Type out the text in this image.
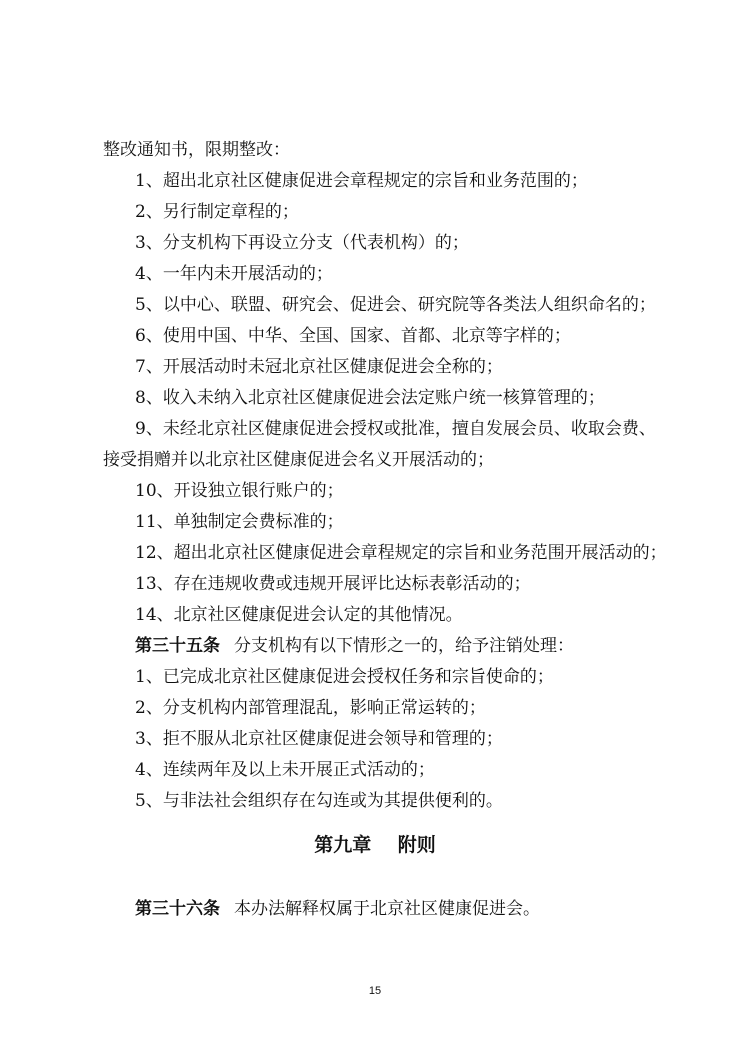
整改通知书，限期整改：
1、超出北京社区健康促进会章程规定的宗旨和业务范围的；
2、另行制定章程的；
3、分支机构下再设立分支（代表机构）的；
4、一年内未开展活动的；
5、以中心、联盟、研究会、促进会、研究院等各类法人组织命名的；
6、使用中国、中华、全国、国家、首都、北京等字样的；
7、开展活动时未冠北京社区健康促进会全称的；
8、收入未纳入北京社区健康促进会法定账户统一核算管理的；
9、未经北京社区健康促进会授权或批准，擅自发展会员、收取会费、
接受捐赠并以北京社区健康促进会名义开展活动的；
10、开设独立银行账户的；
11、单独制定会费标准的；
12、超出北京社区健康促进会章程规定的宗旨和业务范围开展活动的；
13、存在违规收费或违规开展评比达标表彰活动的；
14、北京社区健康促进会认定的其他情况。
第三十五条 分支机构有以下情形之一的，给予注销处理：
1、已完成北京社区健康促进会授权任务和宗旨使命的；
2、分支机构内部管理混乱，影响正常运转的；
3、拒不服从北京社区健康促进会领导和管理的；
4、连续两年及以上未开展正式活动的；
5、与非法社会组织存在勾连或为其提供便利的。
第九章    附则
第三十六条 本办法解释权属于北京社区健康促进会。
15
